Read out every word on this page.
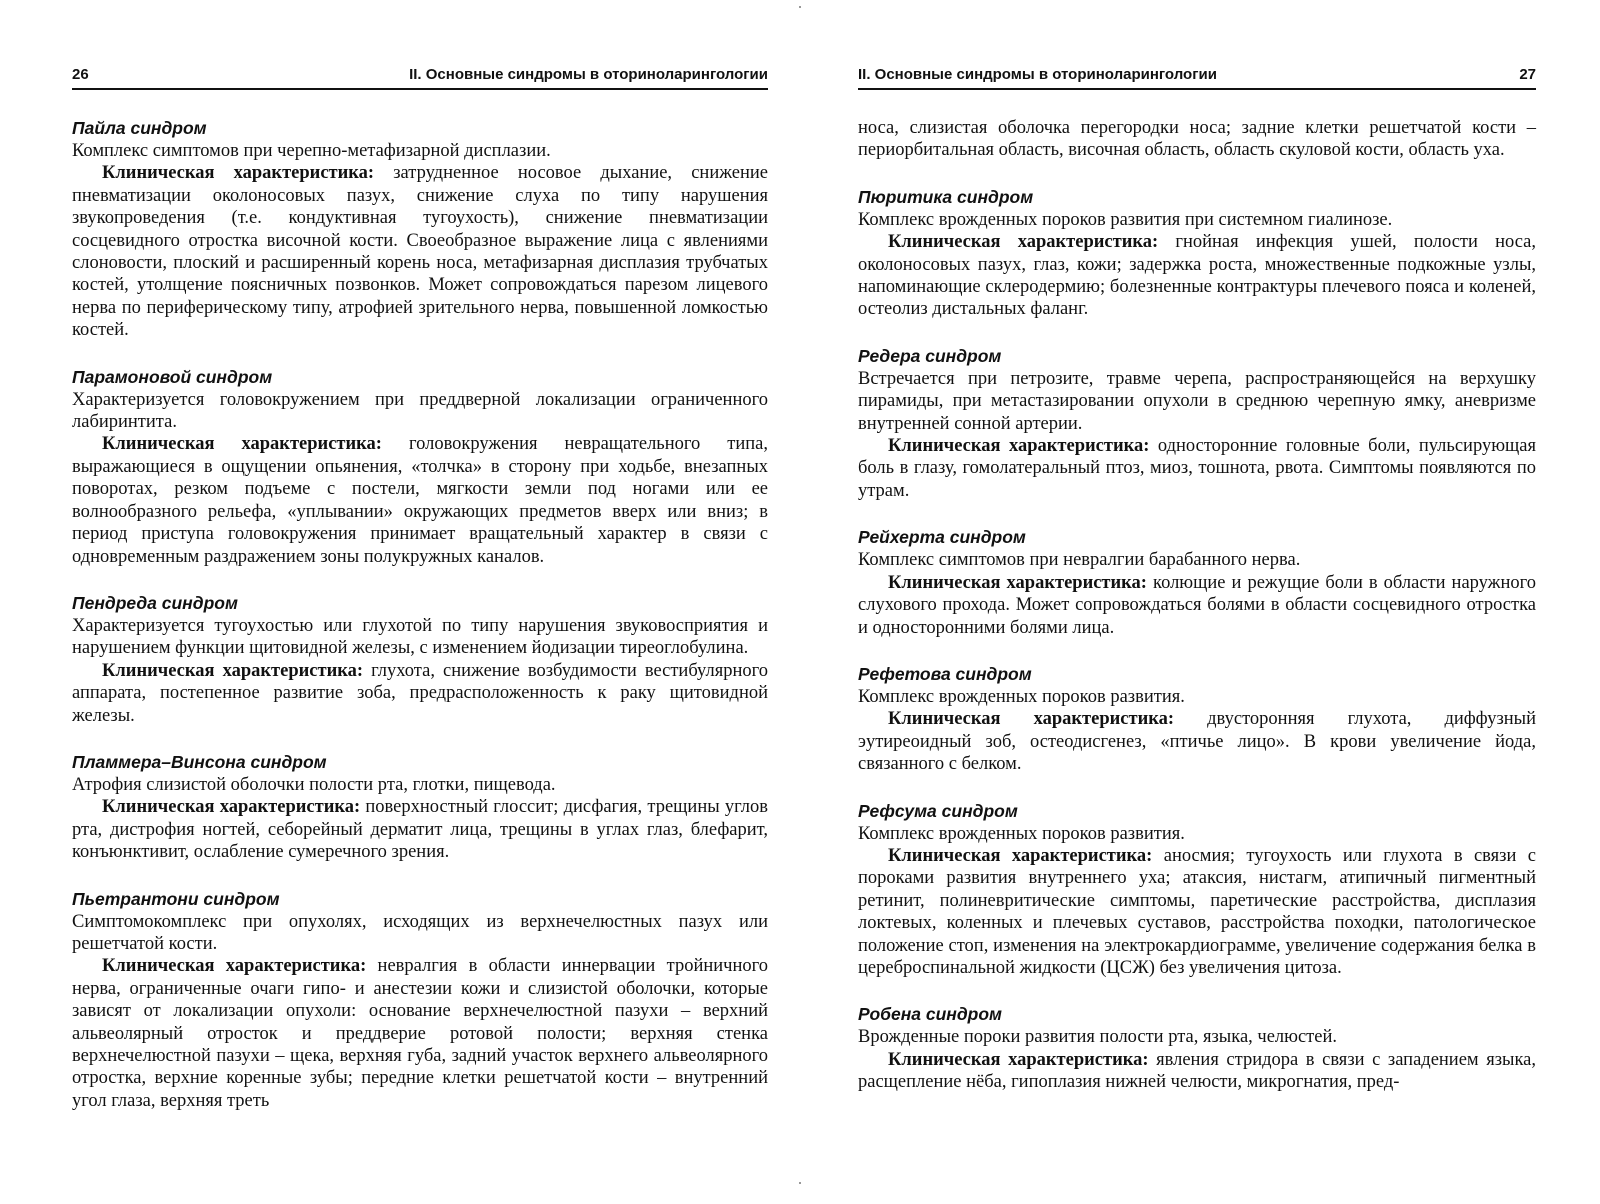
26	II. Основные синдромы в оториноларингологии

Пайла синдром

Комплекс симптомов при черепно-метафизарной дисплазии.

Клиническая характеристика: затрудненное носовое дыхание, снижение пневматизации околоносовых пазух, снижение слуха по типу нарушения звукопроведения (т.е. кондуктивная тугоухость), снижение пневматизации сосцевидного отростка височной кости. Своеобразное выражение лица с явлениями слоновости, плоский и расширенный корень носа, метафизарная дисплазия трубчатых костей, утолщение поясничных позвонков. Может сопровождаться парезом лицевого нерва по периферическому типу, атрофией зрительного нерва, повышенной ломкостью костей.

Парамоновой синдром

Характеризуется головокружением при преддверной локализации ограниченного лабиринтита.

Клиническая характеристика: головокружения невращательного типа, выражающиеся в ощущении опьянения, «толчка» в сторону при ходьбе, внезапных поворотах, резком подъеме с постели, мягкости земли под ногами или ее волнообразного рельефа, «уплывании» окружающих предметов вверх или вниз; в период приступа головокружения принимает вращательный характер в связи с одновременным раздражением зоны полукружных каналов.

Пендреда синдром

Характеризуется тугоухостью или глухотой по типу нарушения звуковосприятия и нарушением функции щитовидной железы, с изменением йодизации тиреоглобулина.

Клиническая характеристика: глухота, снижение возбудимости вестибулярного аппарата, постепенное развитие зоба, предрасположенность к раку щитовидной железы.

Пламмера–Винсона синдром

Атрофия слизистой оболочки полости рта, глотки, пищевода.

Клиническая характеристика: поверхностный глоссит; дисфагия, трещины углов рта, дистрофия ногтей, себорейный дерматит лица, трещины в углах глаз, блефарит, конъюнктивит, ослабление сумеречного зрения.

Пьетрантони синдром

Симптомокомплекс при опухолях, исходящих из верхнечелюстных пазух или решетчатой кости.

Клиническая характеристика: невралгия в области иннервации тройничного нерва, ограниченные очаги гипо- и анестезии кожи и слизистой оболочки, которые зависят от локализации опухоли: основание верхнечелюстной пазухи – верхний альвеолярный отросток и преддверие ротовой полости; верхняя стенка верхнечелюстной пазухи – щека, верхняя губа, задний участок верхнего альвеолярного отростка, верхние коренные зубы; передние клетки решетчатой кости – внутренний угол глаза, верхняя треть

II. Основные синдромы в оториноларингологии	27

носа, слизистая оболочка перегородки носа; задние клетки решетчатой кости – периорбитальная область, височная область, область скуловой кости, область уха.

Пюритика синдром

Комплекс врожденных пороков развития при системном гиалинозе.

Клиническая характеристика: гнойная инфекция ушей, полости носа, околоносовых пазух, глаз, кожи; задержка роста, множественные подкожные узлы, напоминающие склеродермию; болезненные контрактуры плечевого пояса и коленей, остеолиз дистальных фаланг.

Редера синдром

Встречается при петрозите, травме черепа, распространяющейся на верхушку пирамиды, при метастазировании опухоли в среднюю черепную ямку, аневризме внутренней сонной артерии.

Клиническая характеристика: односторонние головные боли, пульсирующая боль в глазу, гомолатеральный птоз, миоз, тошнота, рвота. Симптомы появляются по утрам.

Рейхерта синдром

Комплекс симптомов при невралгии барабанного нерва.

Клиническая характеристика: колющие и режущие боли в области наружного слухового прохода. Может сопровождаться болями в области сосцевидного отростка и односторонними болями лица.

Рефетова синдром

Комплекс врожденных пороков развития.

Клиническая характеристика: двусторонняя глухота, диффузный эутиреоидный зоб, остеодисгенез, «птичье лицо». В крови увеличение йода, связанного с белком.

Рефсума синдром

Комплекс врожденных пороков развития.

Клиническая характеристика: аносмия; тугоухость или глухота в связи с пороками развития внутреннего уха; атаксия, нистагм, атипичный пигментный ретинит, полиневритические симптомы, паретические расстройства, дисплазия локтевых, коленных и плечевых суставов, расстройства походки, патологическое положение стоп, изменения на электрокардиограмме, увеличение содержания белка в цереброспинальной жидкости (ЦСЖ) без увеличения цитоза.

Робена синдром

Врожденные пороки развития полости рта, языка, челюстей.

Клиническая характеристика: явления стридора в связи с западением языка, расщепление нёба, гипоплазия нижней челюсти, микрогнатия, пред-
